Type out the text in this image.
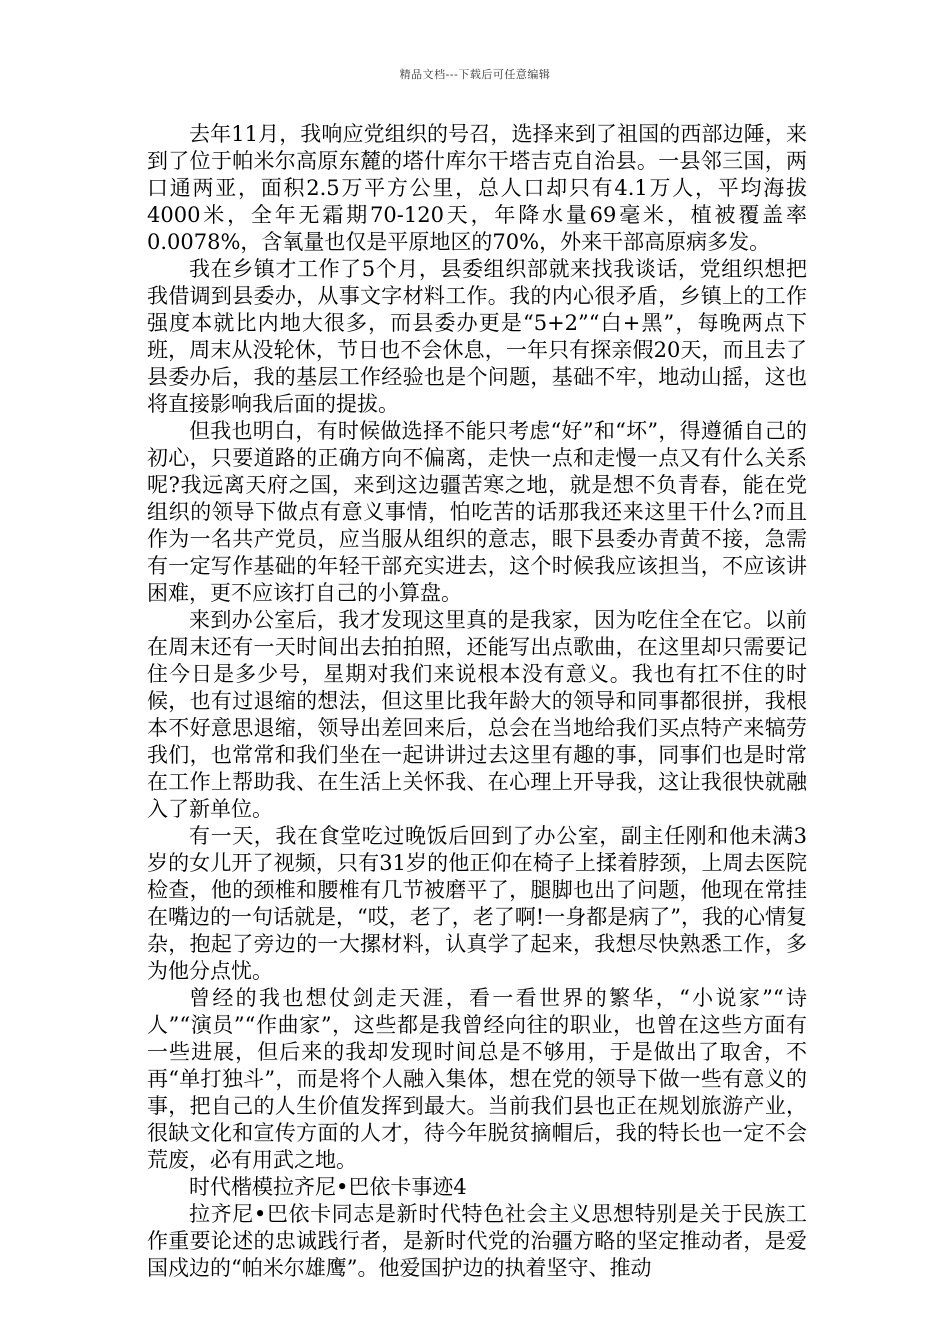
精品文档---下载后可任意编辑

去年11月，我响应党组织的号召，选择来到了祖国的西部边陲，来到了位于帕米尔高原东麓的塔什库尔干塔吉克自治县。一县邻三国，两口通两亚，面积2.5万平方公里，总人口却只有4.1万人，平均海拔4000米，全年无霜期70-120天，年降水量69毫米，植被覆盖率0.0078%，含氧量也仅是平原地区的70%，外来干部高原病多发。

我在乡镇才工作了5个月，县委组织部就来找我谈话，党组织想把我借调到县委办，从事文字材料工作。我的内心很矛盾，乡镇上的工作强度本就比内地大很多，而县委办更是“5+2”“白+黑”，每晚两点下班，周末从没轮休，节日也不会休息，一年只有探亲假20天，而且去了县委办后，我的基层工作经验也是个问题，基础不牢，地动山摇，这也将直接影响我后面的提拔。

但我也明白，有时候做选择不能只考虑“好”和“坏”，得遵循自己的初心，只要道路的正确方向不偏离，走快一点和走慢一点又有什么关系呢?我远离天府之国，来到这边疆苦寒之地，就是想不负青春，能在党组织的领导下做点有意义事情，怕吃苦的话那我还来这里干什么?而且作为一名共产党员，应当服从组织的意志，眼下县委办青黄不接，急需有一定写作基础的年轻干部充实进去，这个时候我应该担当，不应该讲困难，更不应该打自己的小算盘。

来到办公室后，我才发现这里真的是我家，因为吃住全在它。以前在周末还有一天时间出去拍拍照，还能写出点歌曲，在这里却只需要记住今日是多少号，星期对我们来说根本没有意义。我也有扛不住的时候，也有过退缩的想法，但这里比我年龄大的领导和同事都很拼，我根本不好意思退缩，领导出差回来后，总会在当地给我们买点特产来犒劳我们，也常常和我们坐在一起讲讲过去这里有趣的事，同事们也是时常在工作上帮助我、在生活上关怀我、在心理上开导我，这让我很快就融入了新单位。

有一天，我在食堂吃过晚饭后回到了办公室，副主任刚和他未满3岁的女儿开了视频，只有31岁的他正仰在椅子上揉着脖颈，上周去医院检查，他的颈椎和腰椎有几节被磨平了，腿脚也出了问题，他现在常挂在嘴边的一句话就是，“哎，老了，老了啊!一身都是病了”，我的心情复杂，抱起了旁边的一大摞材料，认真学了起来，我想尽快熟悉工作，多为他分点忧。

曾经的我也想仗剑走天涯，看一看世界的繁华，“小说家”“诗人”“演员”“作曲家”，这些都是我曾经向往的职业，也曾在这些方面有一些进展，但后来的我却发现时间总是不够用，于是做出了取舍，不再“单打独斗”，而是将个人融入集体，想在党的领导下做一些有意义的事，把自己的人生价值发挥到最大。当前我们县也正在规划旅游产业，很缺文化和宣传方面的人才，待今年脱贫摘帽后，我的特长也一定不会荒废，必有用武之地。

时代楷模拉齐尼•巴依卡事迹4

拉齐尼•巴依卡同志是新时代特色社会主义思想特别是关于民族工作重要论述的忠诚践行者，是新时代党的治疆方略的坚定推动者，是爱国戍边的“帕米尔雄鹰”。他爱国护边的执着坚守、推动
